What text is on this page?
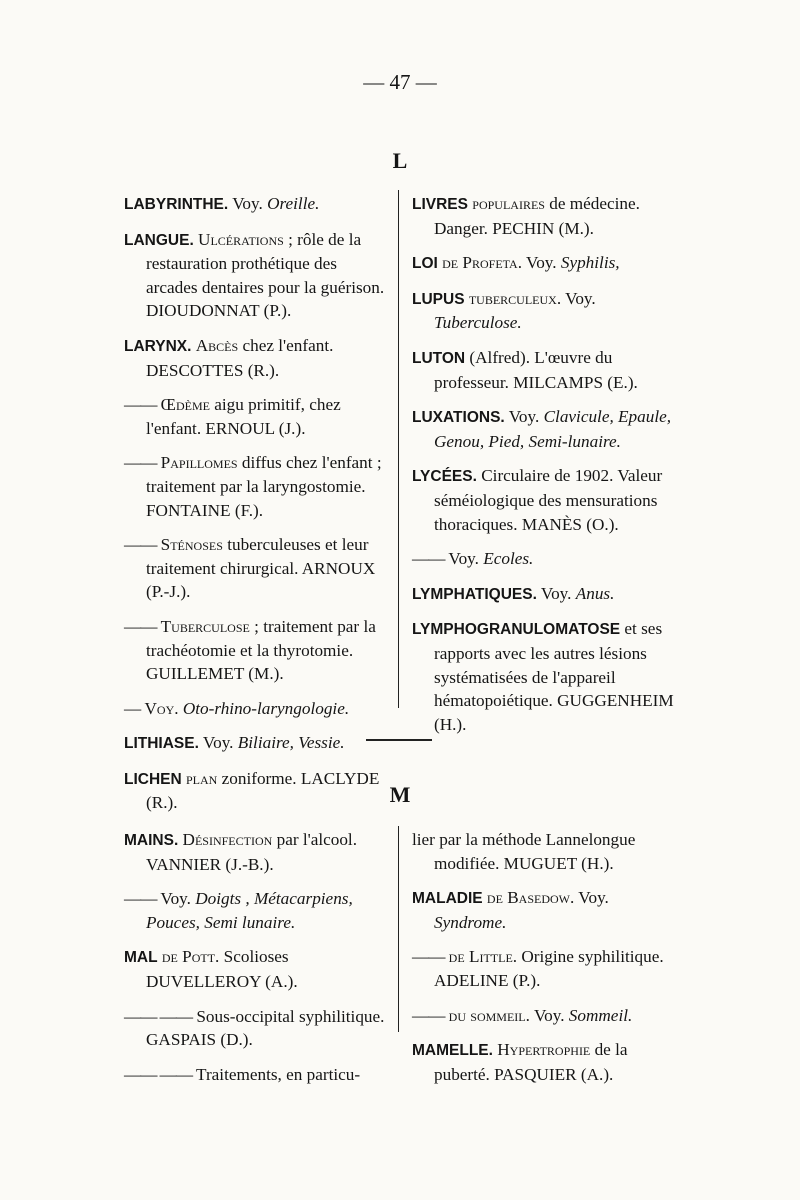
— 47 —
L

LABYRINTHE. Voy. Oreille.

LANGUE. Ulcérations ; rôle de la restauration prothétique des arcades dentaires pour la guérison. DIOUDONNAT (P.).

LARYNX. Abcès chez l'enfant. DESCOTTES (R.).

—— Œdème aigu primitif, chez l'enfant. ERNOUL (J.).

—— Papillomes diffus chez l'enfant ; traitement par la laryngostomie. FONTAINE (F.).

—— Sténoses tuberculeuses et leur traitement chirurgical. ARNOUX (P.-J.).

—— Tuberculose ; traitement par la trachéotomie et la thyrotomie. GUILLEMET (M.).

— Voy. Oto-rhino-laryngologie.

LITHIASE. Voy. Biliaire, Vessie.

LICHEN plan zoniforme. LACLYDE (R.).

LIVRES populaires de médecine. Danger. PECHIN (M.).

LOI de Profeta. Voy. Syphilis,

LUPUS tuberculeux. Voy. Tuberculose.

LUTON (Alfred). L'œuvre du professeur. MILCAMPS (E.).

LUXATIONS. Voy. Clavicule, Epaule, Genou, Pied, Semi-lunaire.

LYCÉES. Circulaire de 1902. Valeur séméiologique des mensurations thoraciques. MANÈS (O.).

—— Voy. Ecoles.

LYMPHATIQUES. Voy. Anus.

LYMPHOGRANULOMATOSE et ses rapports avec les autres lésions systématisées de l'appareil hématopoiétique. GUGGENHEIM (H.).

M

MAINS. Désinfection par l'alcool. VANNIER (J.-B.).

—— Voy. Doigts , Métacarpiens, Pouces, Semi lunaire.

MAL de Pott. Scolioses DUVELLEROY (A.).

—— —— Sous-occipital syphilitique. GASPAIS (D.).

—— —— Traitements, en particu-

lier par la méthode Lannelongue modifiée. MUGUET (H.).

MALADIE de Basedow. Voy. Syndrome.

—— de Little. Origine syphilitique. ADELINE (P.).

—— du sommeil. Voy. Sommeil.

MAMELLE. Hypertrophie de la puberté. PASQUIER (A.).
